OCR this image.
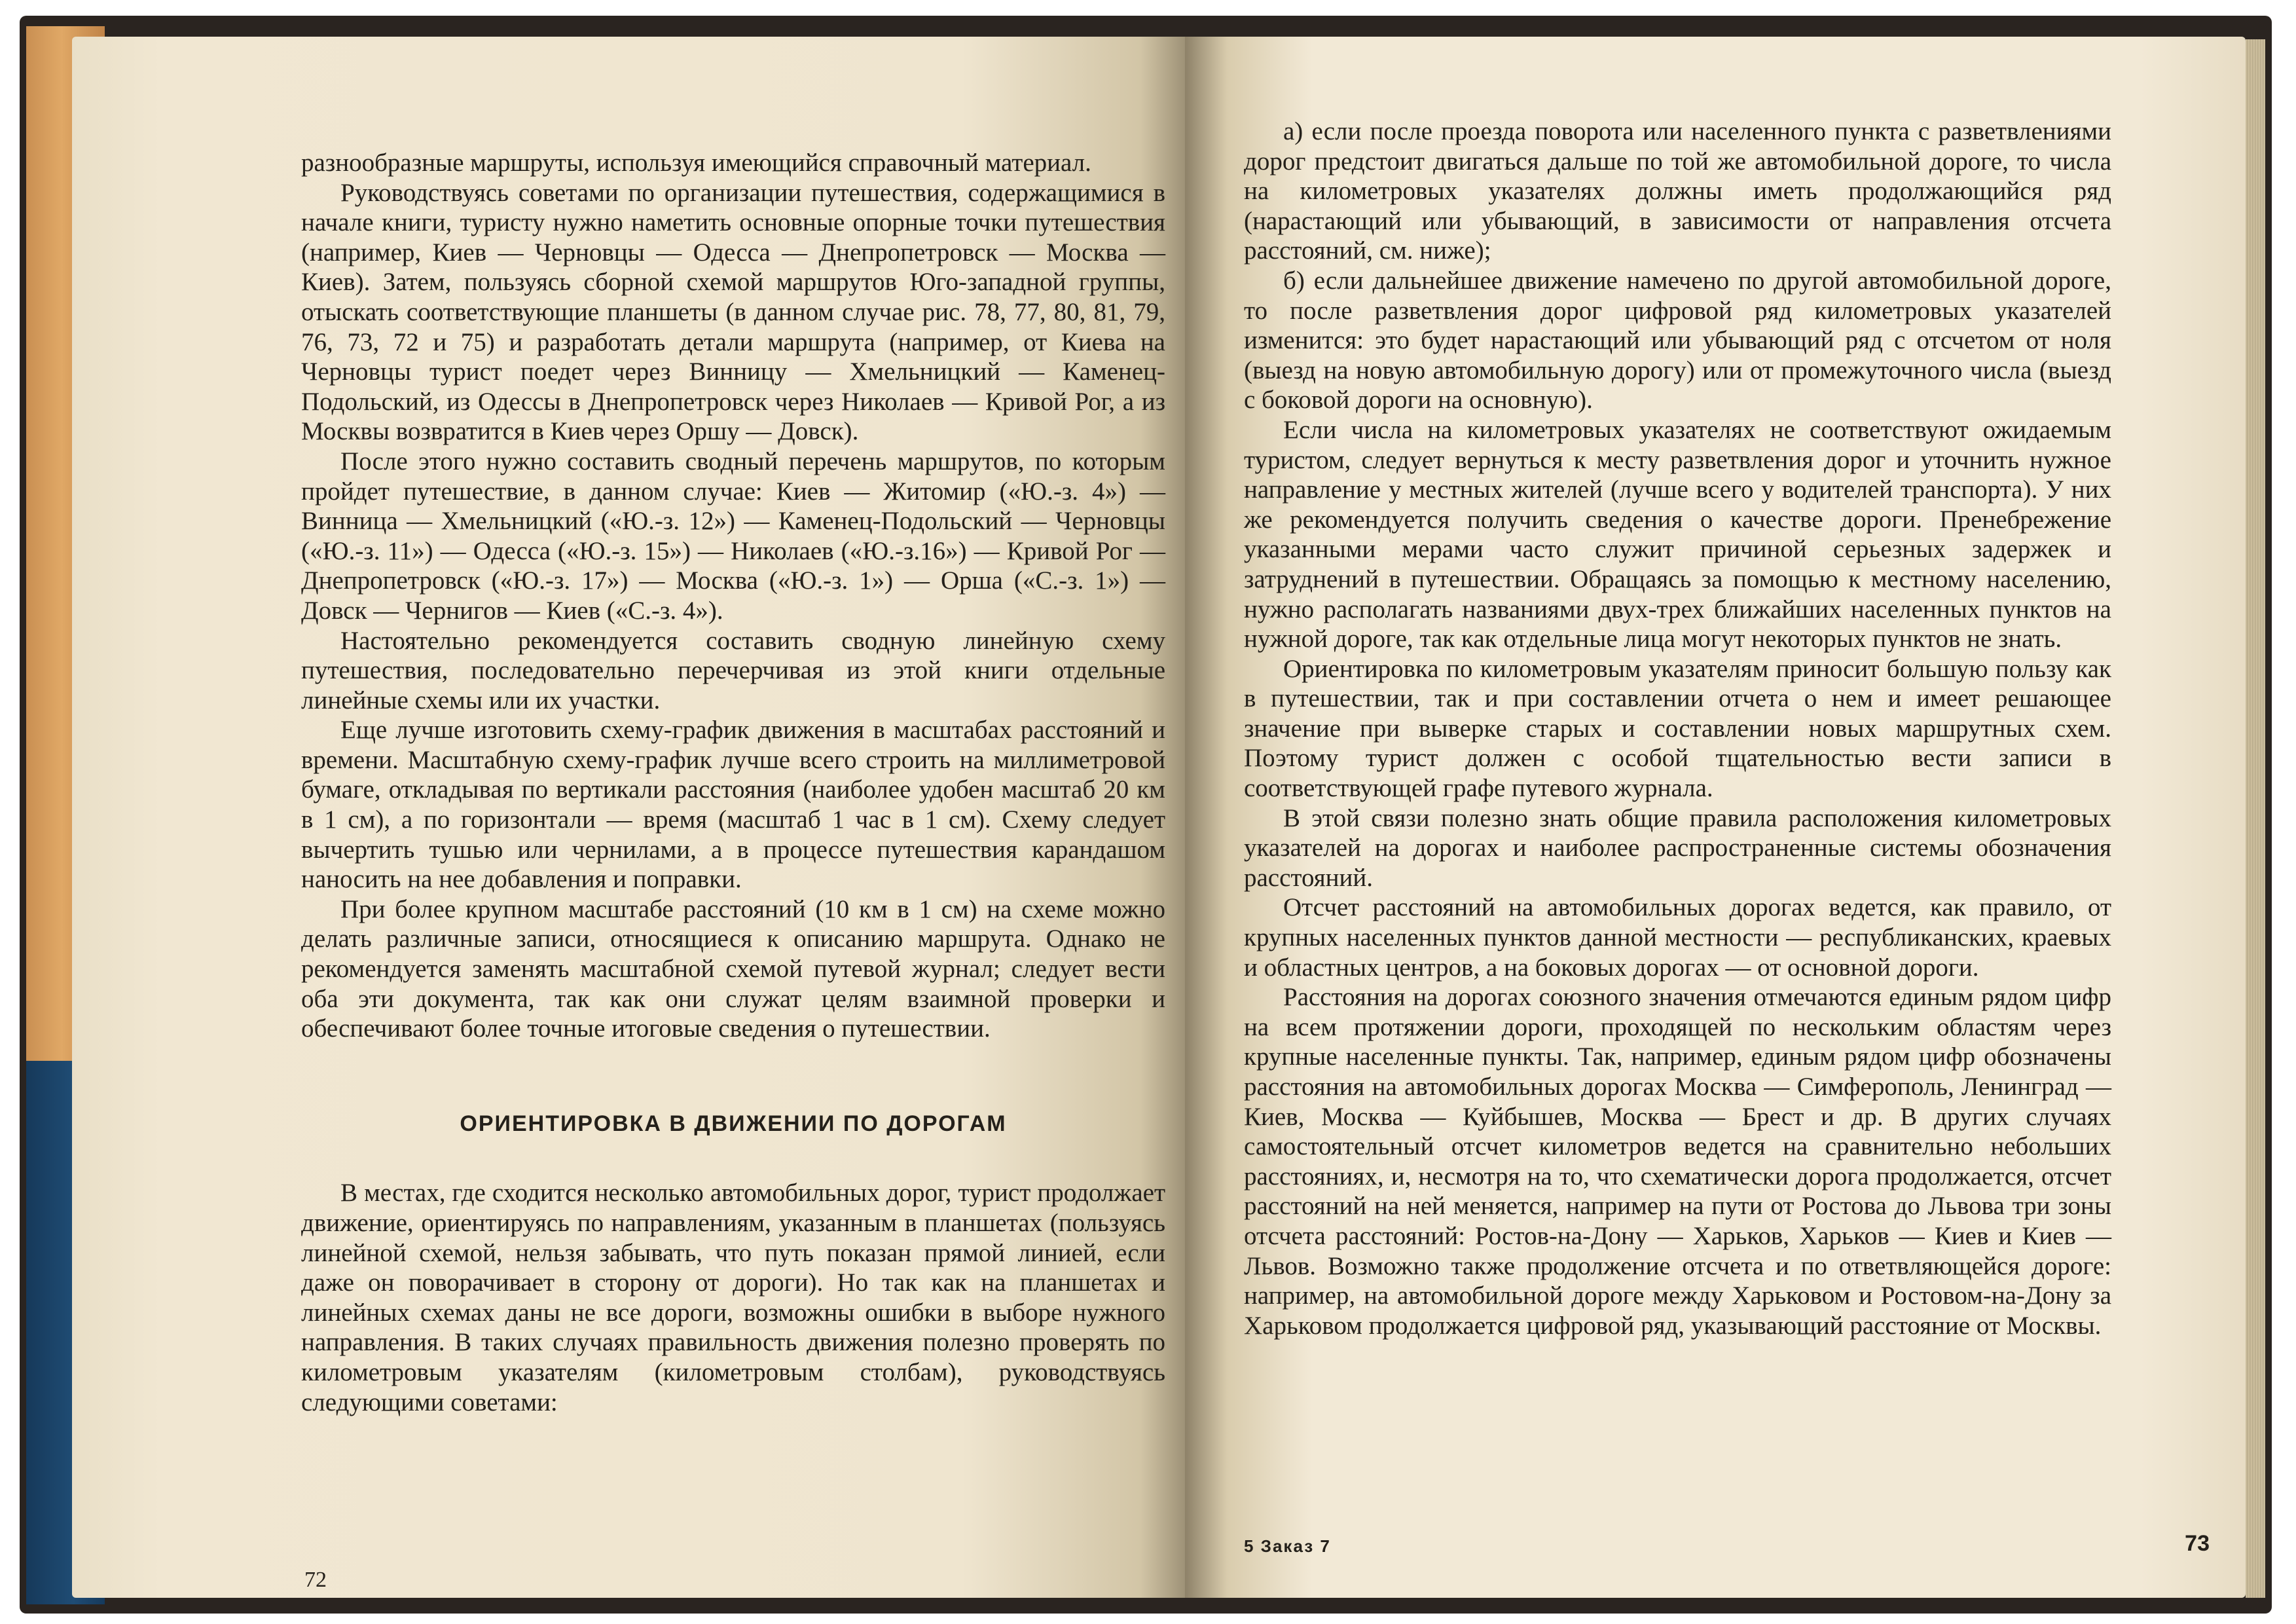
разнообразные маршруты, используя имеющийся справочный материал.

Руководствуясь советами по организации путешествия, содержащимися в начале книги, туристу нужно наметить основные опорные точки путешествия (например, Киев — Черновцы — Одесса — Днепропетровск — Москва — Киев). Затем, пользуясь сборной схемой маршрутов Юго-западной группы, отыскать соответствующие планшеты (в данном случае рис. 78, 77, 80, 81, 79, 76, 73, 72 и 75) и разработать детали маршрута (например, от Киева на Черновцы турист поедет через Винницу — Хмельницкий — Каменец-Подольский, из Одессы в Днепропетровск через Николаев — Кривой Рог, а из Москвы возвратится в Киев через Оршу — Довск).

После этого нужно составить сводный перечень маршрутов, по которым пройдет путешествие, в данном случае: Киев — Житомир («Ю.-з. 4») — Винница — Хмельницкий («Ю.-з. 12») — Каменец-Подольский — Черновцы («Ю.-з. 11») — Одесса («Ю.-з. 15») — Николаев («Ю.-з.16») — Кривой Рог — Днепропетровск («Ю.-з. 17») — Москва («Ю.-з. 1») — Орша («С.-з. 1») — Довск — Чернигов — Киев («С.-з. 4»).

Настоятельно рекомендуется составить сводную линейную схему путешествия, последовательно перечерчивая из этой книги отдельные линейные схемы или их участки.

Еще лучше изготовить схему-график движения в масштабах расстояний и времени. Масштабную схему-график лучше всего строить на миллиметровой бумаге, откладывая по вертикали расстояния (наиболее удобен масштаб 20 км в 1 см), а по горизонтали — время (масштаб 1 час в 1 см). Схему следует вычертить тушью или чернилами, а в процессе путешествия карандашом наносить на нее добавления и поправки.

При более крупном масштабе расстояний (10 км в 1 см) на схеме можно делать различные записи, относящиеся к описанию маршрута. Однако не рекомендуется заменять масштабной схемой путевой журнал; следует вести оба эти документа, так как они служат целям взаимной проверки и обеспечивают более точные итоговые сведения о путешествии.

ОРИЕНТИРОВКА В ДВИЖЕНИИ ПО ДОРОГАМ

В местах, где сходится несколько автомобильных дорог, турист продолжает движение, ориентируясь по направлениям, указанным в планшетах (пользуясь линейной схемой, нельзя забывать, что путь показан прямой линией, если даже он поворачивает в сторону от дороги). Но так как на планшетах и линейных схемах даны не все дороги, возможны ошибки в выборе нужного направления. В таких случаях правильность движения полезно проверять по километровым указателям (километровым столбам), руководствуясь следующими советами:

72

а) если после проезда поворота или населенного пункта с разветвлениями дорог предстоит двигаться дальше по той же автомобильной дороге, то числа на километровых указателях должны иметь продолжающийся ряд (нарастающий или убывающий, в зависимости от направления отсчета расстояний, см. ниже);

б) если дальнейшее движение намечено по другой автомобильной дороге, то после разветвления дорог цифровой ряд километровых указателей изменится: это будет нарастающий или убывающий ряд с отсчетом от ноля (выезд на новую автомобильную дорогу) или от промежуточного числа (выезд с боковой дороги на основную).

Если числа на километровых указателях не соответствуют ожидаемым туристом, следует вернуться к месту разветвления дорог и уточнить нужное направление у местных жителей (лучше всего у водителей транспорта). У них же рекомендуется получить сведения о качестве дороги. Пренебрежение указанными мерами часто служит причиной серьезных задержек и затруднений в путешествии. Обращаясь за помощью к местному населению, нужно располагать названиями двух-трех ближайших населенных пунктов на нужной дороге, так как отдельные лица могут некоторых пунктов не знать.

Ориентировка по километровым указателям приносит большую пользу как в путешествии, так и при составлении отчета о нем и имеет решающее значение при выверке старых и составлении новых маршрутных схем. Поэтому турист должен с особой тщательностью вести записи в соответствующей графе путевого журнала.

В этой связи полезно знать общие правила расположения километровых указателей на дорогах и наиболее распространенные системы обозначения расстояний.

Отсчет расстояний на автомобильных дорогах ведется, как правило, от крупных населенных пунктов данной местности — республиканских, краевых и областных центров, а на боковых дорогах — от основной дороги.

Расстояния на дорогах союзного значения отмечаются единым рядом цифр на всем протяжении дороги, проходящей по нескольким областям через крупные населенные пункты. Так, например, единым рядом цифр обозначены расстояния на автомобильных дорогах Москва — Симферополь, Ленинград — Киев, Москва — Куйбышев, Москва — Брест и др. В других случаях самостоятельный отсчет километров ведется на сравнительно небольших расстояниях, и, несмотря на то, что схематически дорога продолжается, отсчет расстояний на ней меняется, например на пути от Ростова до Львова три зоны отсчета расстояний: Ростов-на-Дону — Харьков, Харьков — Киев и Киев — Львов. Возможно также продолжение отсчета и по ответвляющейся дороге: например, на автомобильной дороге между Харьковом и Ростовом-на-Дону за Харьковом продолжается цифровой ряд, указывающий расстояние от Москвы.

5 Заказ 7	73
